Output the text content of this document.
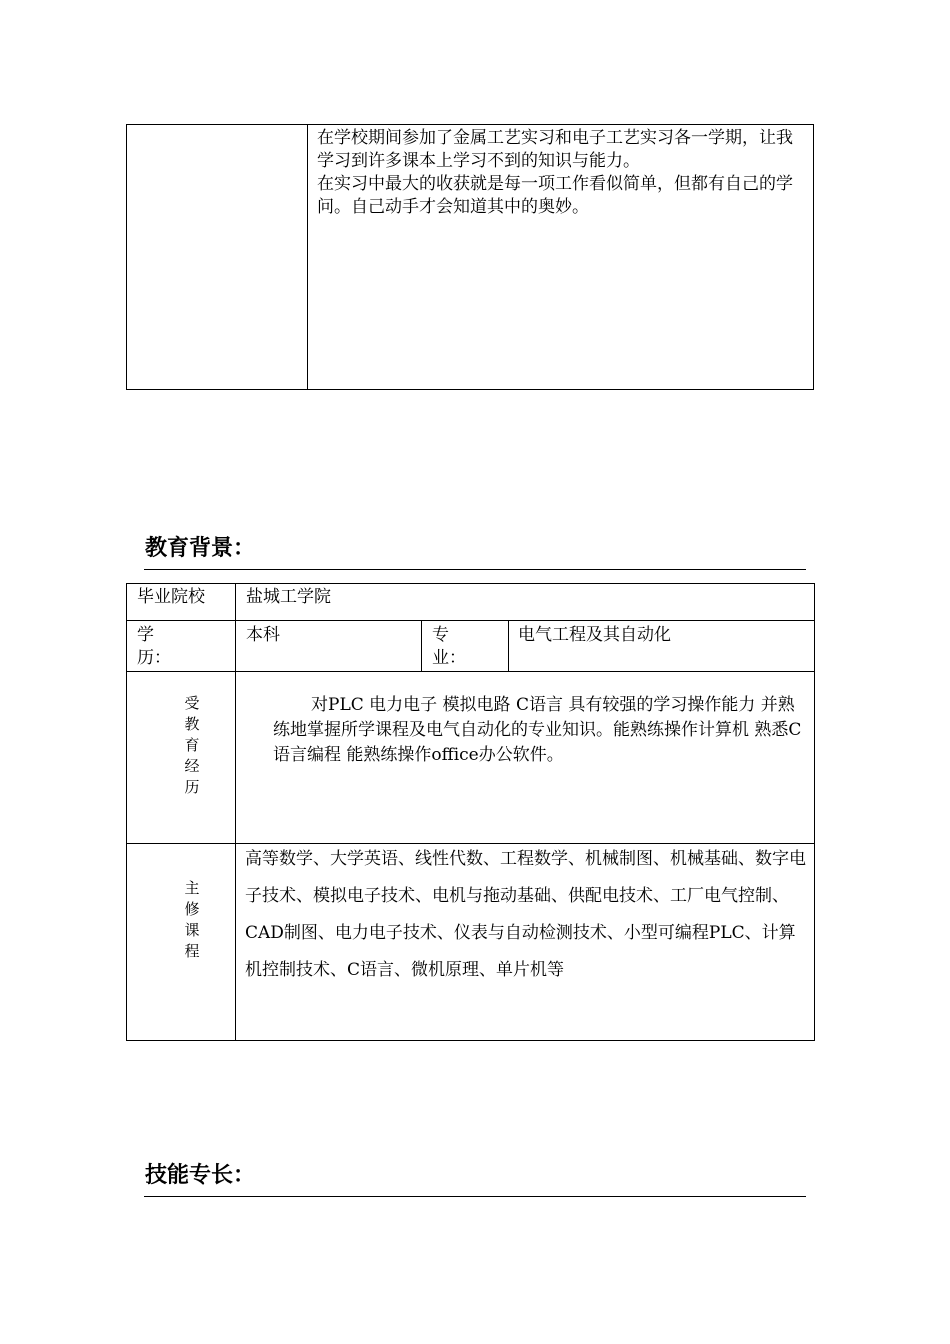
在学校期间参加了金属工艺实习和电子工艺实习各一学期，让我学习到许多课本上学习不到的知识与能力。
在实习中最大的收获就是每一项工作看似简单，但都有自己的学问。自己动手才会知道其中的奥妙。
教育背景：
毕业院校 盐城工学院
学
历：
本科	专
业：
电气工程及其自动化
受
教
育
经
历
对PLC 电力电子 模拟电路 C语言 具有较强的学习操作能力 并熟练地掌握所学课程及电气自动化的专业知识。能熟练操作计算机 熟悉C语言编程 能熟练操作office办公软件。
主
修
课
程
高等数学、大学英语、线性代数、工程数学、机械制图、机械基础、数字电子技术、模拟电子技术、电机与拖动基础、供配电技术、工厂电气控制、CAD制图、电力电子技术、仪表与自动检测技术、小型可编程PLC、计算机控制技术、C语言、微机原理、单片机等
技能专长：
